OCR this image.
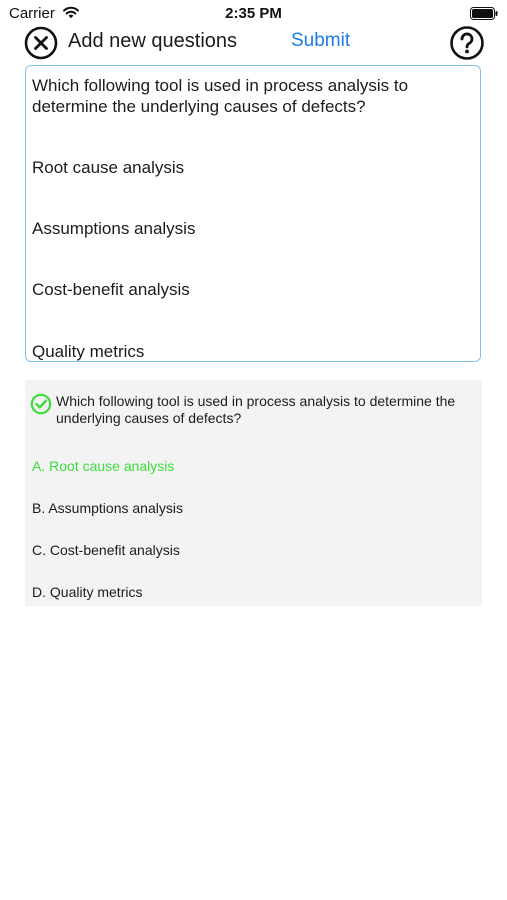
Carrier	2:35 PM
Add new questions	Submit
Which following tool is used in process analysis to
determine the underlying causes of defects?
Root cause analysis
Assumptions analysis
Cost-benefit analysis
Quality metrics
Which following tool is used in process analysis to determine the underlying causes of defects?
A. Root cause analysis
B. Assumptions analysis
C. Cost-benefit analysis
D. Quality metrics
